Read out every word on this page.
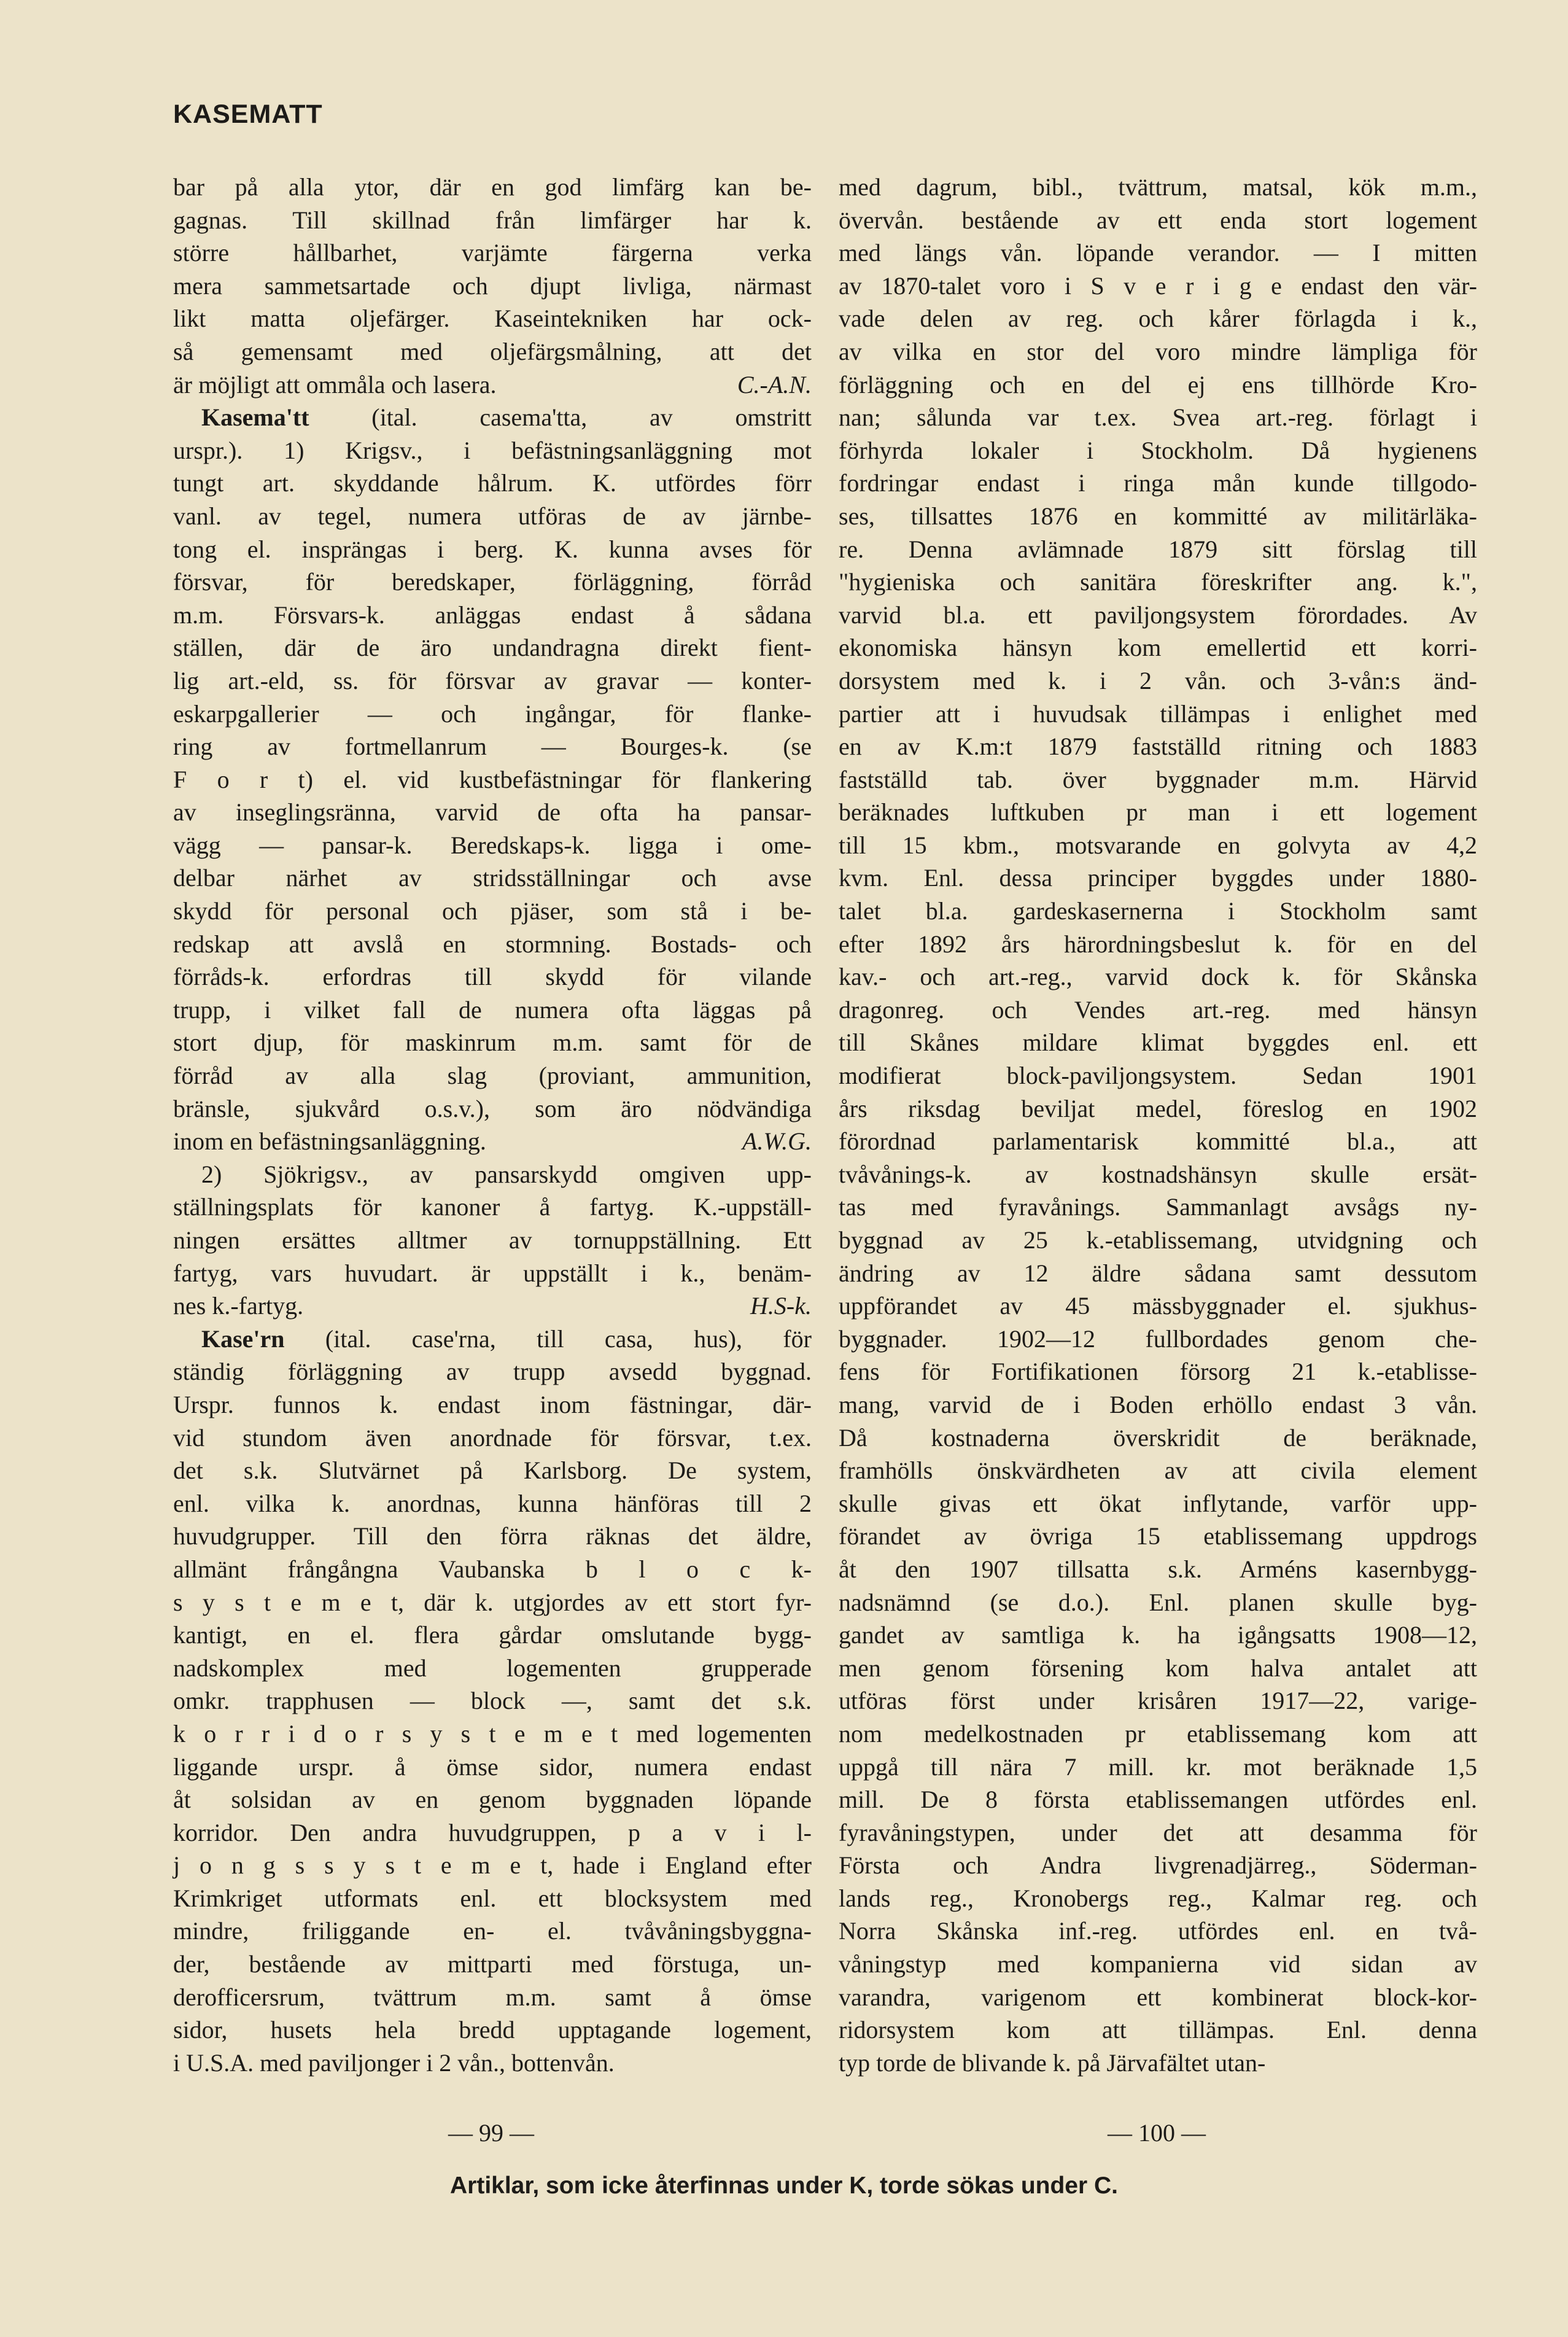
KASEMATT
bar på alla ytor, där en god limfärg kan be-
gagnas. Till skillnad från limfärger har k.
större hållbarhet, varjämte färgerna verka
mera sammetsartade och djupt livliga, närmast
likt matta oljefärger. Kaseintekniken har ock-
så gemensamt med oljefärgsmålning, att det
är möjligt att ommåla och lasera.	C.-A.N.
Kasema'tt (ital. casema'tta, av omstritt
urspr.). 1) Krigsv., i befästningsanläggning mot
tungt art. skyddande hålrum. K. utfördes förr
vanl. av tegel, numera utföras de av järnbe-
tong el. insprängas i berg. K. kunna avses för
försvar, för beredskaper, förläggning, förråd
m.m. Försvars-k. anläggas endast å sådana
ställen, där de äro undandragna direkt fient-
lig art.-eld, ss. för försvar av gravar — konter-
eskarpgallerier — och ingångar, för flanke-
ring av fortmellanrum — Bourges-k. (se
F o r t) el. vid kustbefästningar för flankering
av inseglingsränna, varvid de ofta ha pansar-
vägg — pansar-k. Beredskaps-k. ligga i ome-
delbar närhet av stridsställningar och avse
skydd för personal och pjäser, som stå i be-
redskap att avslå en stormning. Bostads- och
förråds-k. erfordras till skydd för vilande
trupp, i vilket fall de numera ofta läggas på
stort djup, för maskinrum m.m. samt för de
förråd av alla slag (proviant, ammunition,
bränsle, sjukvård o.s.v.), som äro nödvändiga
inom en befästningsanläggning.	A.W.G.
2) Sjökrigsv., av pansarskydd omgiven upp-
ställningsplats för kanoner å fartyg. K.-uppställ-
ningen ersättes alltmer av tornuppställning. Ett
fartyg, vars huvudart. är uppställt i k., benäm-
nes k.-fartyg.	H.S-k.
Kase'rn (ital. case'rna, till casa, hus), för
ständig förläggning av trupp avsedd byggnad.
Urspr. funnos k. endast inom fästningar, där-
vid stundom även anordnade för försvar, t.ex.
det s.k. Slutvärnet på Karlsborg. De system,
enl. vilka k. anordnas, kunna hänföras till 2
huvudgrupper. Till den förra räknas det äldre,
allmänt frångångna Vaubanska b l o c k-
s y s t e m e t, där k. utgjordes av ett stort fyr-
kantigt, en el. flera gårdar omslutande bygg-
nadskomplex med logementen grupperade
omkr. trapphusen — block —, samt det s.k.
k o r r i d o r s y s t e m e t med logementen
liggande urspr. å ömse sidor, numera endast
åt solsidan av en genom byggnaden löpande
korridor. Den andra huvudgruppen, p a v i l-
j o n g s s y s t e m e t, hade i England efter
Krimkriget utformats enl. ett blocksystem med
mindre, friliggande en- el. tvåvåningsbyggna-
der, bestående av mittparti med förstuga, un-
derofficersrum, tvättrum m.m. samt å ömse
sidor, husets hela bredd upptagande logement,
i U.S.A. med paviljonger i 2 vån., bottenvån.
med dagrum, bibl., tvättrum, matsal, kök m.m.,
övervån. bestående av ett enda stort logement
med längs vån. löpande verandor. — I mitten
av 1870-talet voro i S v e r i g e endast den vär-
vade delen av reg. och kårer förlagda i k.,
av vilka en stor del voro mindre lämpliga för
förläggning och en del ej ens tillhörde Kro-
nan; sålunda var t.ex. Svea art.-reg. förlagt i
förhyrda lokaler i Stockholm. Då hygienens
fordringar endast i ringa mån kunde tillgodo-
ses, tillsattes 1876 en kommitté av militärläka-
re. Denna avlämnade 1879 sitt förslag till
"hygieniska och sanitära föreskrifter ang. k.",
varvid bl.a. ett paviljongsystem förordades. Av
ekonomiska hänsyn kom emellertid ett korri-
dorsystem med k. i 2 vån. och 3-vån:s änd-
partier att i huvudsak tillämpas i enlighet med
en av K.m:t 1879 fastställd ritning och 1883
fastställd tab. över byggnader m.m. Härvid
beräknades luftkuben pr man i ett logement
till 15 kbm., motsvarande en golvyta av 4,2
kvm. Enl. dessa principer byggdes under 1880-
talet bl.a. gardeskasernerna i Stockholm samt
efter 1892 års härordningsbeslut k. för en del
kav.- och art.-reg., varvid dock k. för Skånska
dragonreg. och Vendes art.-reg. med hänsyn
till Skånes mildare klimat byggdes enl. ett
modifierat block-paviljongsystem. Sedan 1901
års riksdag beviljat medel, föreslog en 1902
förordnad parlamentarisk kommitté bl.a., att
tvåvånings-k. av kostnadshänsyn skulle ersät-
tas med fyravånings. Sammanlagt avsågs ny-
byggnad av 25 k.-etablissemang, utvidgning och
ändring av 12 äldre sådana samt dessutom
uppförandet av 45 mässbyggnader el. sjukhus-
byggnader. 1902—12 fullbordades genom che-
fens för Fortifikationen försorg 21 k.-etablisse-
mang, varvid de i Boden erhöllo endast 3 vån.
Då kostnaderna överskridit de beräknade,
framhölls önskvärdheten av att civila element
skulle givas ett ökat inflytande, varför upp-
förandet av övriga 15 etablissemang uppdrogs
åt den 1907 tillsatta s.k. Arméns kasernbygg-
nadsnämnd (se d.o.). Enl. planen skulle byg-
gandet av samtliga k. ha igångsatts 1908—12,
men genom försening kom halva antalet att
utföras först under krisåren 1917—22, varige-
nom medelkostnaden pr etablissemang kom att
uppgå till nära 7 mill. kr. mot beräknade 1,5
mill. De 8 första etablissemangen utfördes enl.
fyravåningstypen, under det att desamma för
Första och Andra livgrenadjärreg., Söderman-
lands reg., Kronobergs reg., Kalmar reg. och
Norra Skånska inf.-reg. utfördes enl. en två-
våningstyp med kompanierna vid sidan av
varandra, varigenom ett kombinerat block-kor-
ridorsystem kom att tillämpas. Enl. denna
typ torde de blivande k. på Järvafältet utan-
— 99 —	— 100 —
Artiklar, som icke återfinnas under K, torde sökas under C.
